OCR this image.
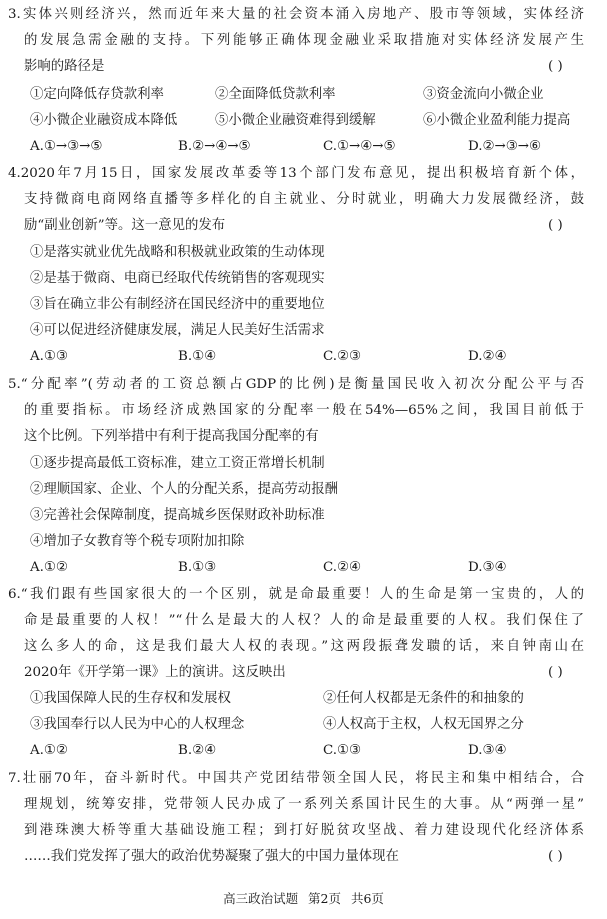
3.实体兴则经济兴，然而近年来大量的社会资本涌入房地产、股市等领域，实体经济
的发展急需金融的支持。下列能够正确体现金融业采取措施对实体经济发展产生
影响的路径是	( )
①定向降低存贷款利率	②全面降低贷款利率	③资金流向小微企业
④小微企业融资成本降低	⑤小微企业融资难得到缓解	⑥小微企业盈利能力提高
A.①→③→⑤	B.②→④→⑤	C.①→④→⑤	D.②→③→⑥
4.2020年7月15日，国家发展改革委等13个部门发布意见，提出积极培育新个体，
支持微商电商网络直播等多样化的自主就业、分时就业，明确大力发展微经济，鼓
励“副业创新”等。这一意见的发布	( )
①是落实就业优先战略和积极就业政策的生动体现
②是基于微商、电商已经取代传统销售的客观现实
③旨在确立非公有制经济在国民经济中的重要地位
④可以促进经济健康发展，满足人民美好生活需求
A.①③	B.①④	C.②③	D.②④
5.“分配率”(劳动者的工资总额占GDP的比例)是衡量国民收入初次分配公平与否
的重要指标。市场经济成熟国家的分配率一般在54%—65%之间，我国目前低于
这个比例。下列举措中有利于提高我国分配率的有
①逐步提高最低工资标准，建立工资正常增长机制
②理顺国家、企业、个人的分配关系，提高劳动报酬
③完善社会保障制度，提高城乡医保财政补助标准
④增加子女教育等个税专项附加扣除
A.①②	B.①③	C.②④	D.③④
6.“我们跟有些国家很大的一个区别，就是命最重要！人的生命是第一宝贵的，人的
命是最重要的人权！”“什么是最大的人权？人的命是最重要的人权。我们保住了
这么多人的命，这是我们最大人权的表现。”这两段振聋发聩的话，来自钟南山在
2020年《开学第一课》上的演讲。这反映出	( )
①我国保障人民的生存权和发展权	②任何人权都是无条件的和抽象的
③我国奉行以人民为中心的人权理念	④人权高于主权，人权无国界之分
A.①②	B.②④	C.①③	D.③④
7.壮丽70年，奋斗新时代。中国共产党团结带领全国人民，将民主和集中相结合，合
理规划，统筹安排，党带领人民办成了一系列关系国计民生的大事。从“两弹一星”
到港珠澳大桥等重大基础设施工程；到打好脱贫攻坚战、着力建设现代化经济体系
……我们党发挥了强大的政治优势凝聚了强大的中国力量体现在	( )
高三政治试题 第2页 共6页
